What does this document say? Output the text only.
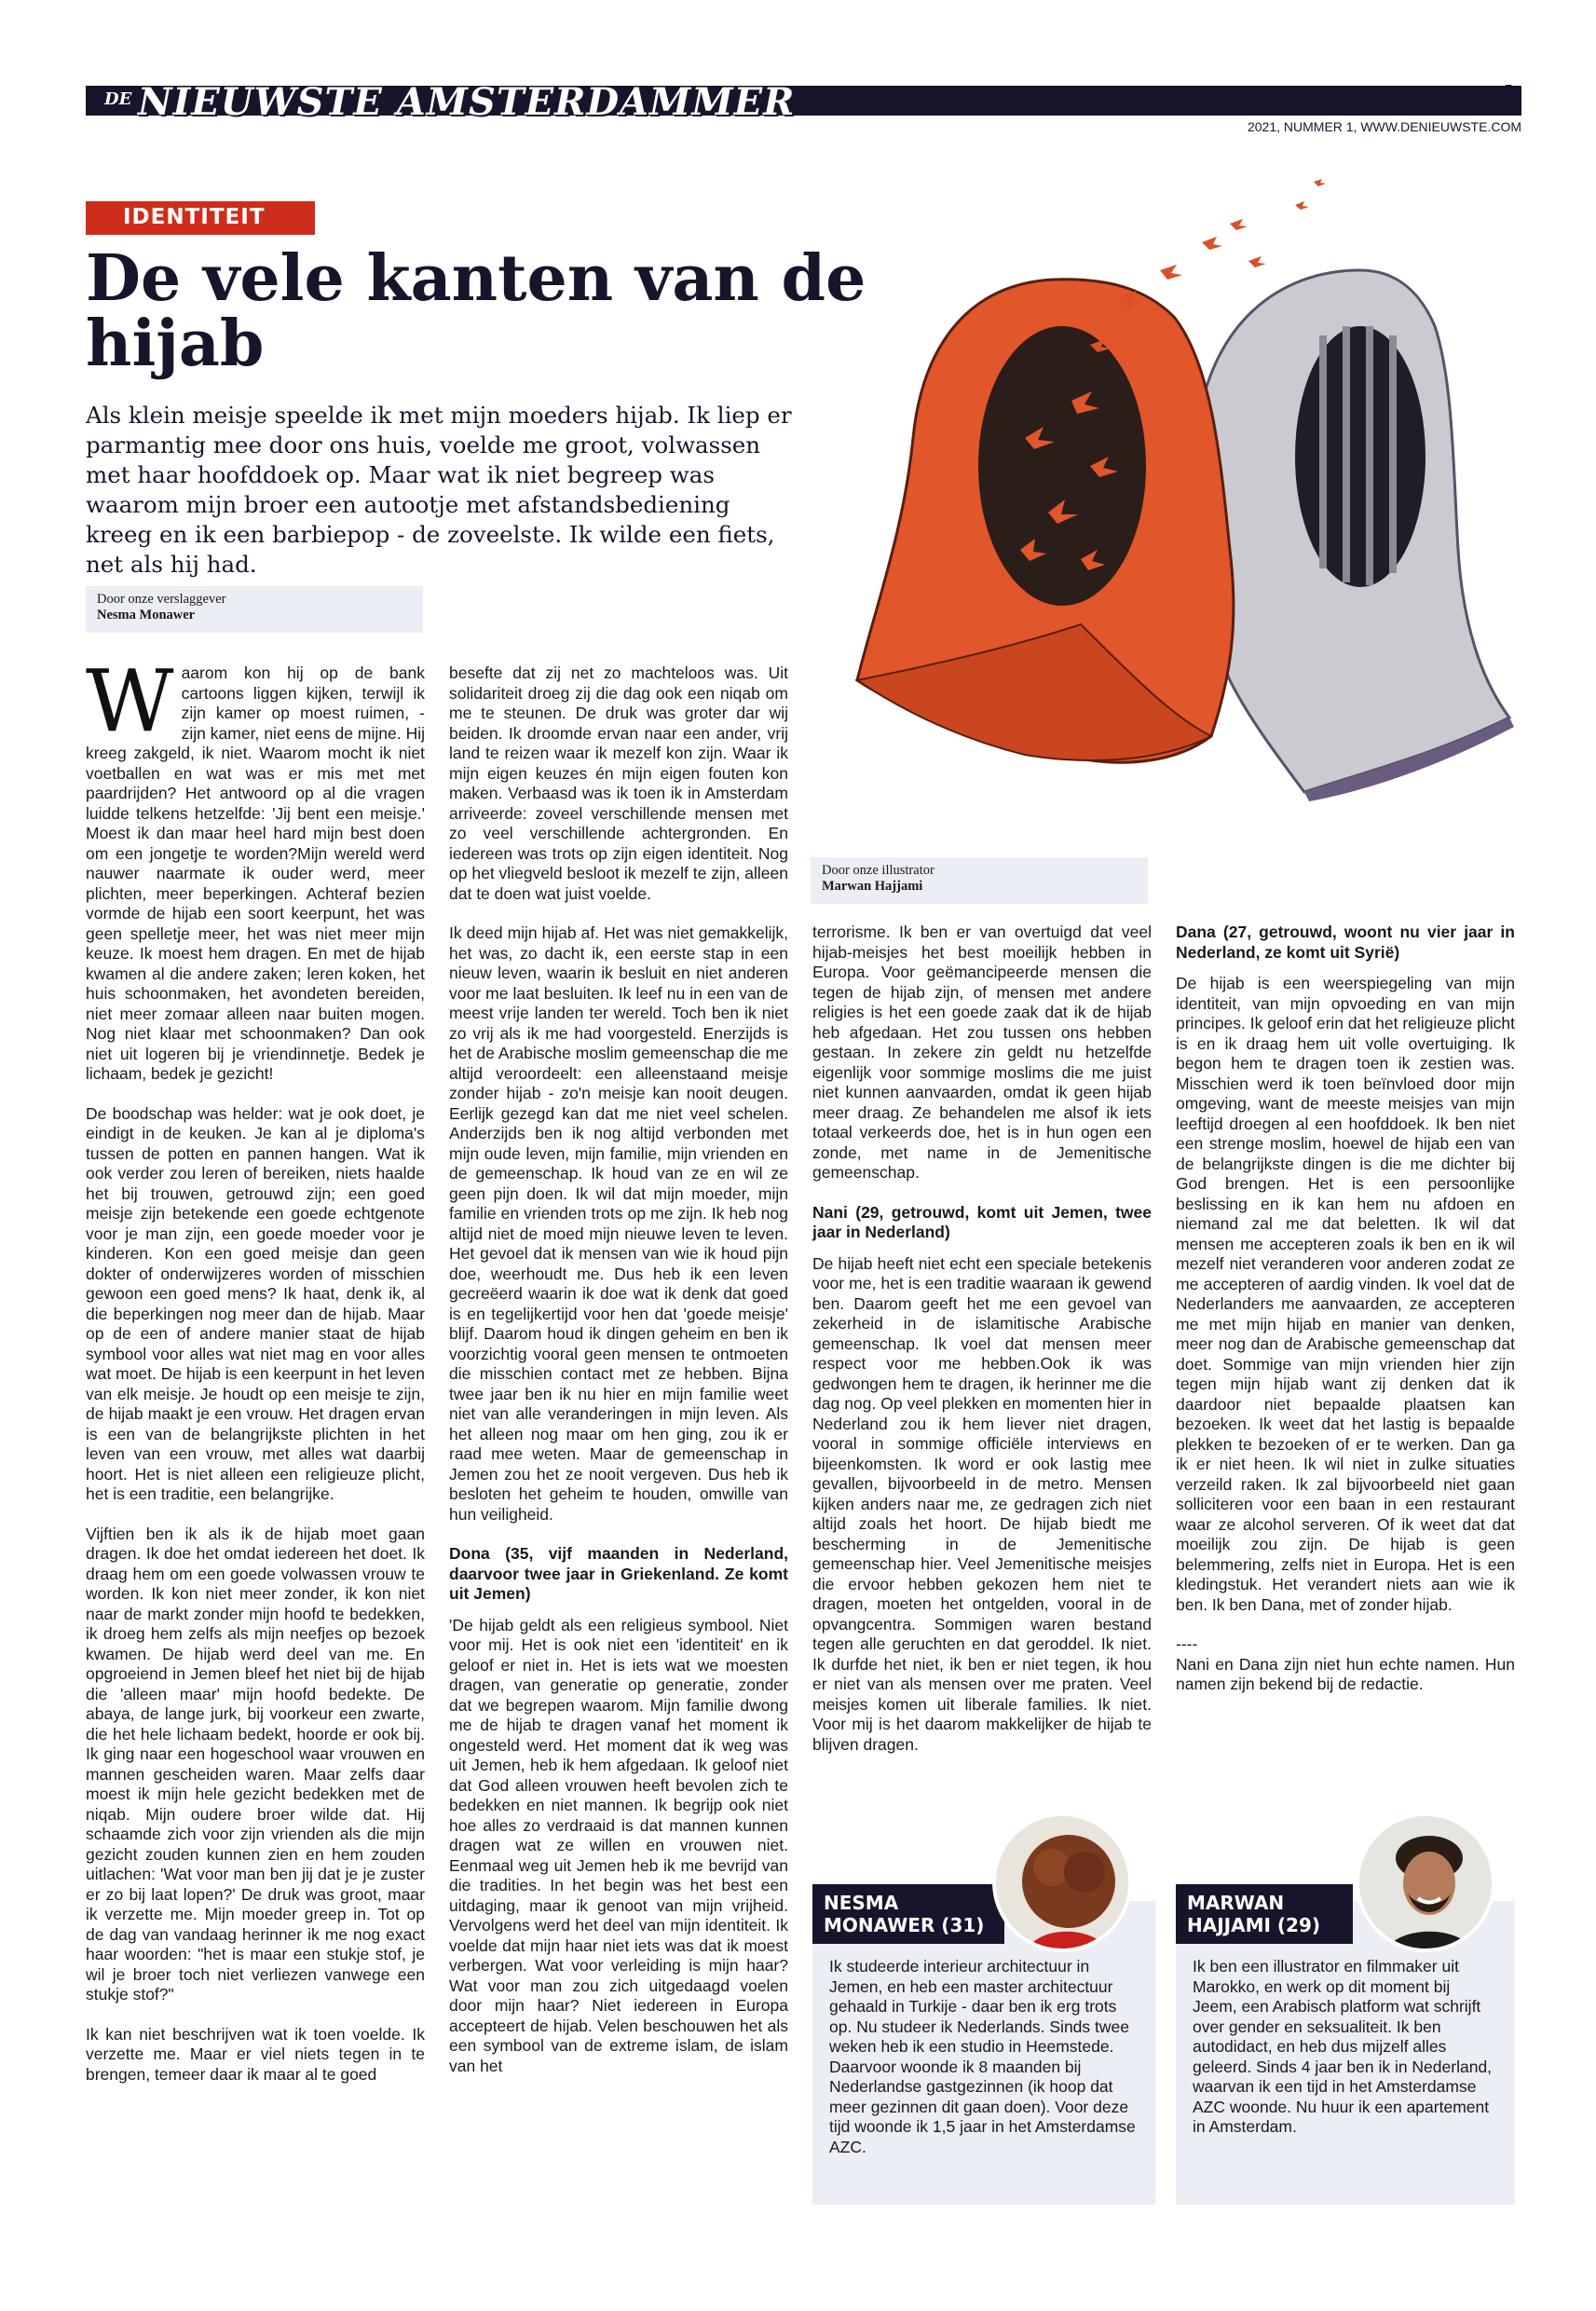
DE NIEUWSTE AMSTERDAMMER	4
2021, NUMMER 1, WWW.DENIEUWSTE.COM
IDENTITEIT
De vele kanten van de hijab

Als klein meisje speelde ik met mijn moeders hijab. Ik liep er parmantig mee door ons huis, voelde me groot, volwassen met haar hoofddoek op. Maar wat ik niet begreep was waarom mijn broer een autootje met afstandsbediening kreeg en ik een barbiepop - de zoveelste. Ik wilde een fiets, net als hij had.

Door onze verslaggever
Nesma Monawer
Door onze illustrator
Marwan Hajjami

Waarom kon hij op de bank cartoons liggen kijken, terwijl ik zijn kamer op moest ruimen, - zijn kamer, niet eens de mijne. Hij kreeg zakgeld, ik niet. Waarom mocht ik niet voetballen en wat was er mis met met paardrijden? Het antwoord op al die vragen luidde telkens hetzelfde: 'Jij bent een meisje.' Moest ik dan maar heel hard mijn best doen om een jongetje te worden?Mijn wereld werd nauwer naarmate ik ouder werd, meer plichten, meer beperkingen. Achteraf bezien vormde de hijab een soort keerpunt, het was geen spelletje meer, het was niet meer mijn keuze. Ik moest hem dragen. En met de hijab kwamen al die andere zaken; leren koken, het huis schoonmaken, het avondeten bereiden, niet meer zomaar alleen naar buiten mogen. Nog niet klaar met schoonmaken? Dan ook niet uit logeren bij je vriendinnetje. Bedek je lichaam, bedek je gezicht!

De boodschap was helder: wat je ook doet, je eindigt in de keuken. Je kan al je diploma's tussen de potten en pannen hangen. Wat ik ook verder zou leren of bereiken, niets haalde het bij trouwen, getrouwd zijn; een goed meisje zijn betekende een goede echtgenote voor je man zijn, een goede moeder voor je kinderen. Kon een goed meisje dan geen dokter of onderwijzeres worden of misschien gewoon een goed mens? Ik haat, denk ik, al die beperkingen nog meer dan de hijab. Maar op de een of andere manier staat de hijab symbool voor alles wat niet mag en voor alles wat moet. De hijab is een keerpunt in het leven van elk meisje. Je houdt op een meisje te zijn, de hijab maakt je een vrouw. Het dragen ervan is een van de belangrijkste plichten in het leven van een vrouw, met alles wat daarbij hoort. Het is niet alleen een religieuze plicht, het is een traditie, een belangrijke.

Vijftien ben ik als ik de hijab moet gaan dragen. Ik doe het omdat iedereen het doet. Ik draag hem om een goede volwassen vrouw te worden. Ik kon niet meer zonder, ik kon niet naar de markt zonder mijn hoofd te bedekken, ik droeg hem zelfs als mijn neefjes op bezoek kwamen. De hijab werd deel van me. En opgroeiend in Jemen bleef het niet bij de hijab die 'alleen maar' mijn hoofd bedekte. De abaya, de lange jurk, bij voorkeur een zwarte, die het hele lichaam bedekt, hoorde er ook bij. Ik ging naar een hogeschool waar vrouwen en mannen gescheiden waren. Maar zelfs daar moest ik mijn hele gezicht bedekken met de niqab. Mijn oudere broer wilde dat. Hij schaamde zich voor zijn vrienden als die mijn gezicht zouden kunnen zien en hem zouden uitlachen: 'Wat voor man ben jij dat je je zuster er zo bij laat lopen?' De druk was groot, maar ik verzette me. Mijn moeder greep in. Tot op de dag van vandaag herinner ik me nog exact haar woorden: "het is maar een stukje stof, je wil je broer toch niet verliezen vanwege een stukje stof?"

Ik kan niet beschrijven wat ik toen voelde. Ik verzette me. Maar er viel niets tegen in te brengen, temeer daar ik maar al te goed

besefte dat zij net zo machteloos was. Uit solidariteit droeg zij die dag ook een niqab om me te steunen. De druk was groter dar wij beiden. Ik droomde ervan naar een ander, vrij land te reizen waar ik mezelf kon zijn. Waar ik mijn eigen keuzes én mijn eigen fouten kon maken. Verbaasd was ik toen ik in Amsterdam arriveerde: zoveel verschillende mensen met zo veel verschillende achtergronden. En iedereen was trots op zijn eigen identiteit. Nog op het vliegveld besloot ik mezelf te zijn, alleen dat te doen wat juist voelde.

Ik deed mijn hijab af. Het was niet gemakkelijk, het was, zo dacht ik, een eerste stap in een nieuw leven, waarin ik besluit en niet anderen voor me laat besluiten. Ik leef nu in een van de meest vrije landen ter wereld. Toch ben ik niet zo vrij als ik me had voorgesteld. Enerzijds is het de Arabische moslim gemeenschap die me altijd veroordeelt: een alleenstaand meisje zonder hijab - zo'n meisje kan nooit deugen. Eerlijk gezegd kan dat me niet veel schelen. Anderzijds ben ik nog altijd verbonden met mijn oude leven, mijn familie, mijn vrienden en de gemeenschap. Ik houd van ze en wil ze geen pijn doen. Ik wil dat mijn moeder, mijn familie en vrienden trots op me zijn. Ik heb nog altijd niet de moed mijn nieuwe leven te leven. Het gevoel dat ik mensen van wie ik houd pijn doe, weerhoudt me. Dus heb ik een leven gecreëerd waarin ik doe wat ik denk dat goed is en tegelijkertijd voor hen dat 'goede meisje' blijf. Daarom houd ik dingen geheim en ben ik voorzichtig vooral geen mensen te ontmoeten die misschien contact met ze hebben. Bijna twee jaar ben ik nu hier en mijn familie weet niet van alle veranderingen in mijn leven. Als het alleen nog maar om hen ging, zou ik er raad mee weten. Maar de gemeenschap in Jemen zou het ze nooit vergeven. Dus heb ik besloten het geheim te houden, omwille van hun veiligheid.

Dona (35, vijf maanden in Nederland, daarvoor twee jaar in Griekenland. Ze komt uit Jemen)

'De hijab geldt als een religieus symbool. Niet voor mij. Het is ook niet een 'identiteit' en ik geloof er niet in. Het is iets wat we moesten dragen, van generatie op generatie, zonder dat we begrepen waarom. Mijn familie dwong me de hijab te dragen vanaf het moment ik ongesteld werd. Het moment dat ik weg was uit Jemen, heb ik hem afgedaan. Ik geloof niet dat God alleen vrouwen heeft bevolen zich te bedekken en niet mannen. Ik begrijp ook niet hoe alles zo verdraaid is dat mannen kunnen dragen wat ze willen en vrouwen niet. Eenmaal weg uit Jemen heb ik me bevrijd van die tradities. In het begin was het best een uitdaging, maar ik genoot van mijn vrijheid. Vervolgens werd het deel van mijn identiteit. Ik voelde dat mijn haar niet iets was dat ik moest verbergen. Wat voor verleiding is mijn haar? Wat voor man zou zich uitgedaagd voelen door mijn haar? Niet iedereen in Europa accepteert de hijab. Velen beschouwen het als een symbool van de extreme islam, de islam van het

terrorisme. Ik ben er van overtuigd dat veel hijab-meisjes het best moeilijk hebben in Europa. Voor geëmancipeerde mensen die tegen de hijab zijn, of mensen met andere religies is het een goede zaak dat ik de hijab heb afgedaan. Het zou tussen ons hebben gestaan. In zekere zin geldt nu hetzelfde eigenlijk voor sommige moslims die me juist niet kunnen aanvaarden, omdat ik geen hijab meer draag. Ze behandelen me alsof ik iets totaal verkeerds doe, het is in hun ogen een zonde, met name in de Jemenitische gemeenschap.

Nani (29, getrouwd, komt uit Jemen, twee jaar in Nederland)

De hijab heeft niet echt een speciale betekenis voor me, het is een traditie waaraan ik gewend ben. Daarom geeft het me een gevoel van zekerheid in de islamitische Arabische gemeenschap. Ik voel dat mensen meer respect voor me hebben.Ook ik was gedwongen hem te dragen, ik herinner me die dag nog. Op veel plekken en momenten hier in Nederland zou ik hem liever niet dragen, vooral in sommige officiële interviews en bijeenkomsten. Ik word er ook lastig mee gevallen, bijvoorbeeld in de metro. Mensen kijken anders naar me, ze gedragen zich niet altijd zoals het hoort. De hijab biedt me bescherming in de Jemenitische gemeenschap hier. Veel Jemenitische meisjes die ervoor hebben gekozen hem niet te dragen, moeten het ontgelden, vooral in de opvangcentra. Sommigen waren bestand tegen alle geruchten en dat geroddel. Ik niet. Ik durfde het niet, ik ben er niet tegen, ik hou er niet van als mensen over me praten. Veel meisjes komen uit liberale families. Ik niet. Voor mij is het daarom makkelijker de hijab te blijven dragen.

Dana (27, getrouwd, woont nu vier jaar in Nederland, ze komt uit Syrië)

De hijab is een weerspiegeling van mijn identiteit, van mijn opvoeding en van mijn principes. Ik geloof erin dat het religieuze plicht is en ik draag hem uit volle overtuiging. Ik begon hem te dragen toen ik zestien was. Misschien werd ik toen beïnvloed door mijn omgeving, want de meeste meisjes van mijn leeftijd droegen al een hoofddoek. Ik ben niet een strenge moslim, hoewel de hijab een van de belangrijkste dingen is die me dichter bij God brengen. Het is een persoonlijke beslissing en ik kan hem nu afdoen en niemand zal me dat beletten. Ik wil dat mensen me accepteren zoals ik ben en ik wil mezelf niet veranderen voor anderen zodat ze me accepteren of aardig vinden. Ik voel dat de Nederlanders me aanvaarden, ze accepteren me met mijn hijab en manier van denken, meer nog dan de Arabische gemeenschap dat doet. Sommige van mijn vrienden hier zijn tegen mijn hijab want zij denken dat ik daardoor niet bepaalde plaatsen kan bezoeken. Ik weet dat het lastig is bepaalde plekken te bezoeken of er te werken. Dan ga ik er niet heen. Ik wil niet in zulke situaties verzeild raken. Ik zal bijvoorbeeld niet gaan solliciteren voor een baan in een restaurant waar ze alcohol serveren. Of ik weet dat dat moeilijk zou zijn. De hijab is geen belemmering, zelfs niet in Europa. Het is een kledingstuk. Het verandert niets aan wie ik ben. Ik ben Dana, met of zonder hijab.

----

Nani en Dana zijn niet hun echte namen. Hun namen zijn bekend bij de redactie.

NESMA
MONAWER (31)
Ik studeerde interieur architectuur in Jemen, en heb een master architectuur gehaald in Turkije - daar ben ik erg trots op. Nu studeer ik Nederlands. Sinds twee weken heb ik een studio in Heemstede. Daarvoor woonde ik 8 maanden bij Nederlandse gastgezinnen (ik hoop dat meer gezinnen dit gaan doen). Voor deze tijd woonde ik 1,5 jaar in het Amsterdamse AZC.
MARWAN
HAJJAMI (29)
Ik ben een illustrator en filmmaker uit Marokko, en werk op dit moment bij Jeem, een Arabisch platform wat schrijft over gender en seksualiteit. Ik ben autodidact, en heb dus mijzelf alles geleerd. Sinds 4 jaar ben ik in Nederland, waarvan ik een tijd in het Amsterdamse AZC woonde. Nu huur ik een apartement in Amsterdam.
